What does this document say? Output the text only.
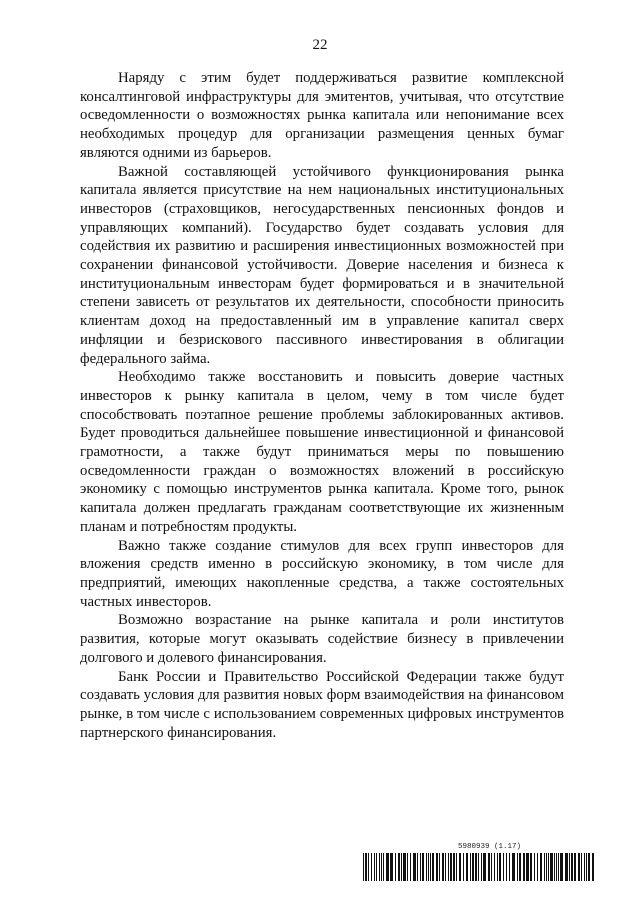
22

Наряду с этим будет поддерживаться развитие комплексной консалтинговой инфраструктуры для эмитентов, учитывая, что отсутствие осведомленности о возможностях рынка капитала или непонимание всех необходимых процедур для организации размещения ценных бумаг являются одними из барьеров.

Важной составляющей устойчивого функционирования рынка капитала является присутствие на нем национальных институциональных инвесторов (страховщиков, негосударственных пенсионных фондов и управляющих компаний). Государство будет создавать условия для содействия их развитию и расширения инвестиционных возможностей при сохранении финансовой устойчивости. Доверие населения и бизнеса к институциональным инвесторам будет формироваться и в значительной степени зависеть от результатов их деятельности, способности приносить клиентам доход на предоставленный им в управление капитал сверх инфляции и безрискового пассивного инвестирования в облигации федерального займа.

Необходимо также восстановить и повысить доверие частных инвесторов к рынку капитала в целом, чему в том числе будет способствовать поэтапное решение проблемы заблокированных активов. Будет проводиться дальнейшее повышение инвестиционной и финансовой грамотности, а также будут приниматься меры по повышению осведомленности граждан о возможностях вложений в российскую экономику с помощью инструментов рынка капитала. Кроме того, рынок капитала должен предлагать гражданам соответствующие их жизненным планам и потребностям продукты.

Важно также создание стимулов для всех групп инвесторов для вложения средств именно в российскую экономику, в том числе для предприятий, имеющих накопленные средства, а также состоятельных частных инвесторов.

Возможно возрастание на рынке капитала и роли институтов развития, которые могут оказывать содействие бизнесу в привлечении долгового и долевого финансирования.

Банк России и Правительство Российской Федерации также будут создавать условия для развития новых форм взаимодействия на финансовом рынке, в том числе с использованием современных цифровых инструментов партнерского финансирования.

5980939 (1.17)
